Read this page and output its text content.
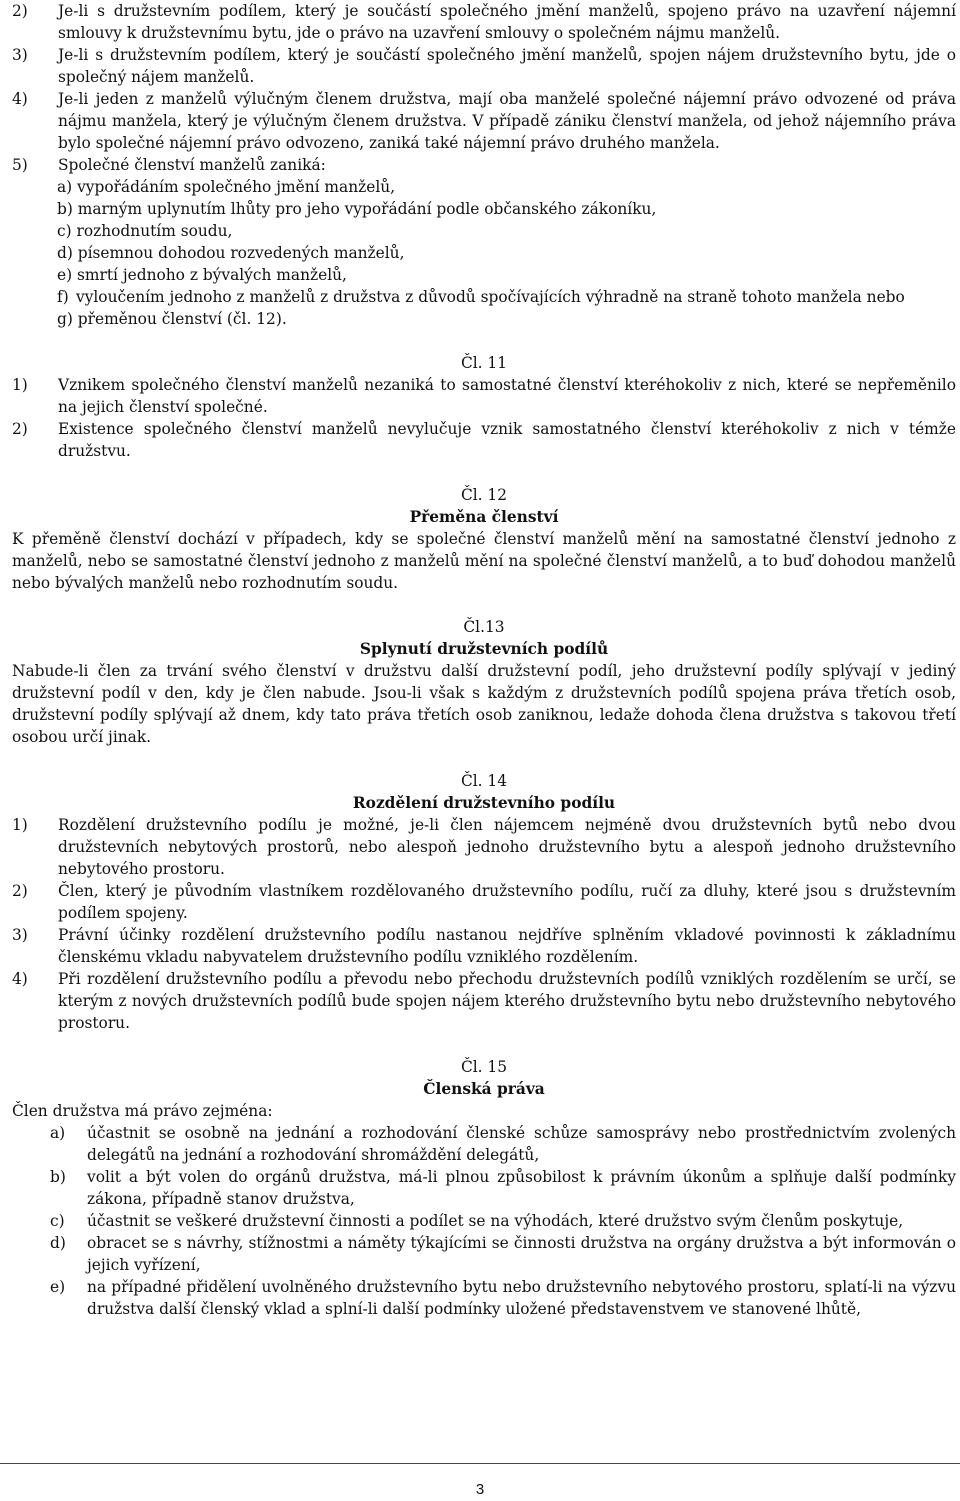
2)	Je-li s družstevním podílem, který je součástí společného jmění manželů, spojeno právo na uzavření nájemní smlouvy k družstevnímu bytu, jde o právo na uzavření smlouvy o společném nájmu manželů.
3)	Je-li s družstevním podílem, který je součástí společného jmění manželů, spojen nájem družstevního bytu, jde o společný nájem manželů.
4)	Je-li jeden z manželů výlučným členem družstva, mají oba manželé společné nájemní právo odvozené od práva nájmu manžela, který je výlučným členem družstva. V případě zániku členství manžela, od jehož nájemního práva bylo společné nájemní právo odvozeno, zaniká také nájemní právo druhého manžela.
5)	Společné členství manželů zaniká:
a) vypořádáním společného jmění manželů,
b) marným uplynutím lhůty pro jeho vypořádání podle občanského zákoníku,
c) rozhodnutím soudu,
d) písemnou dohodou rozvedených manželů,
e) smrtí jednoho z bývalých manželů,
f) vyloučením jednoho z manželů z družstva z důvodů spočívajících výhradně na straně tohoto manžela nebo
g) přeměnou členství (čl. 12).
Čl. 11
1)	Vznikem společného členství manželů nezaniká to samostatné členství kteréhokoliv z nich, které se nepřeměnilo na jejich členství společné.
2)	Existence společného členství manželů nevylučuje vznik samostatného členství kteréhokoliv z nich v témže družstvu.
Čl. 12
Přeměna členství
K přeměně členství dochází v případech, kdy se společné členství manželů mění na samostatné členství jednoho z manželů, nebo se samostatné členství jednoho z manželů mění na společné členství manželů, a to buď dohodou manželů nebo bývalých manželů nebo rozhodnutím soudu.
Čl.13
Splynutí družstevních podílů
Nabude-li člen za trvání svého členství v družstvu další družstevní podíl, jeho družstevní podíly splývají v jediný družstevní podíl v den, kdy je člen nabude. Jsou-li však s každým z družstevních podílů spojena práva třetích osob, družstevní podíly splývají až dnem, kdy tato práva třetích osob zaniknou, ledaže dohoda člena družstva s takovou třetí osobou určí jinak.
Čl. 14
Rozdělení družstevního podílu
1)	Rozdělení družstevního podílu je možné, je-li člen nájemcem nejméně dvou družstevních bytů nebo dvou družstevních nebytových prostorů, nebo alespoň jednoho družstevního bytu a alespoň jednoho družstevního nebytového prostoru.
2)	Člen, který je původním vlastníkem rozdělovaného družstevního podílu, ručí za dluhy, které jsou s družstevním podílem spojeny.
3)	Právní účinky rozdělení družstevního podílu nastanou nejdříve splněním vkladové povinnosti k základnímu členskému vkladu nabyvatelem družstevního podílu vzniklého rozdělením.
4)	Při rozdělení družstevního podílu a převodu nebo přechodu družstevních podílů vzniklých rozdělením se určí, se kterým z nových družstevních podílů bude spojen nájem kterého družstevního bytu nebo družstevního nebytového prostoru.
Čl. 15
Členská práva
Člen družstva má právo zejména:
a)	účastnit se osobně na jednání a rozhodování členské schůze samosprávy nebo prostřednictvím zvolených delegátů na jednání a rozhodování shromáždění delegátů,
b)	volit a být volen do orgánů družstva, má-li plnou způsobilost k právním úkonům a splňuje další podmínky zákona, případně stanov družstva,
c)	účastnit se veškeré družstevní činnosti a podílet se na výhodách, které družstvo svým členům poskytuje,
d)	obracet se s návrhy, stížnostmi a náměty týkajícími se činnosti družstva na orgány družstva a být informován o jejich vyřízení,
e)	na případné přidělení uvolněného družstevního bytu nebo družstevního nebytového prostoru, splatí-li na výzvu družstva další členský vklad a splní-li další podmínky uložené představenstvem ve stanovené lhůtě,
3
